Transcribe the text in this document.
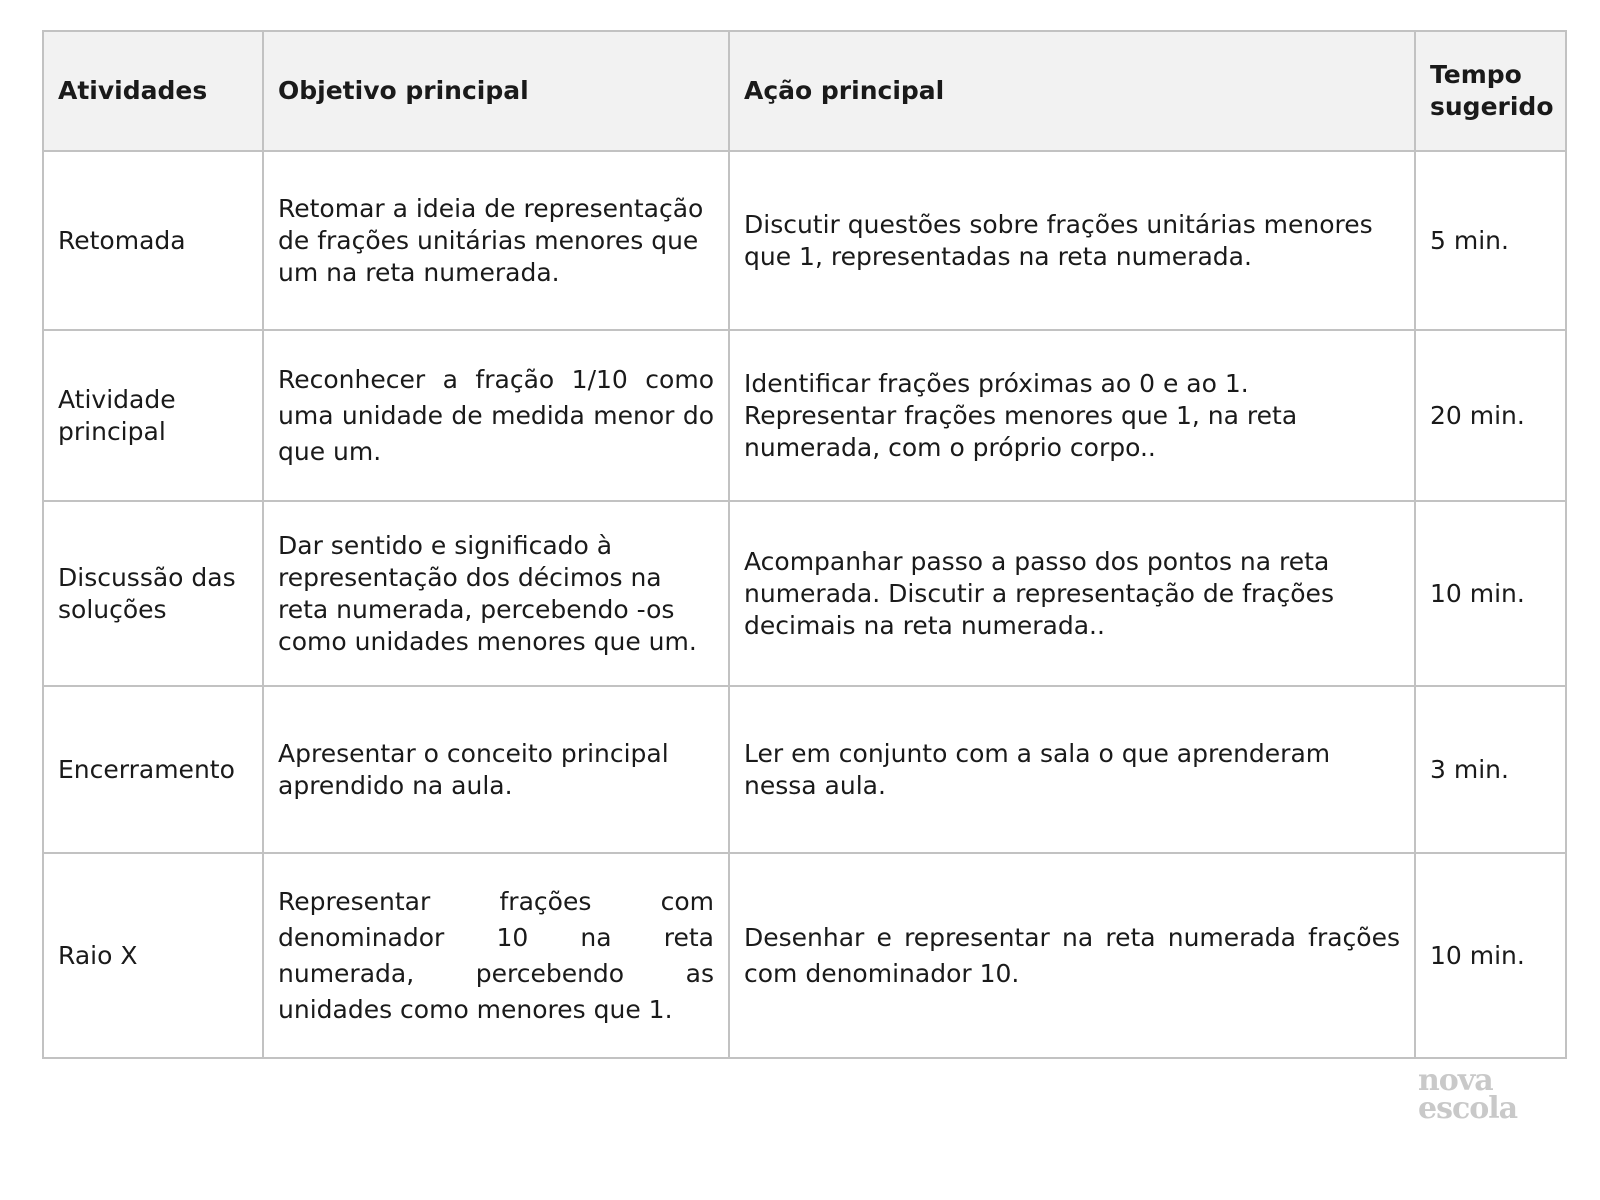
Atividades	Objetivo principal	Ação principal	Tempo sugerido
Retomada	Retomar a ideia de representação de frações unitárias menores que um na reta numerada.	Discutir questões sobre frações unitárias menores que 1, representadas na reta numerada.	5 min.
Atividade principal	Reconhecer a fração 1/10 como uma unidade de medida menor do que um.	Identificar frações próximas ao 0 e ao 1. Representar frações menores que 1, na reta numerada, com o próprio corpo..	20 min.
Discussão das soluções	Dar sentido e significado à representação dos décimos na reta numerada, percebendo -os como unidades menores que um.	Acompanhar passo a passo dos pontos na reta numerada. Discutir a representação de frações decimais na reta numerada..	10 min.
Encerramento	Apresentar o conceito principal aprendido na aula.	Ler em conjunto com a sala o que aprenderam nessa aula.	3 min.
Raio X	Representar frações com denominador 10 na reta numerada, percebendo as unidades como menores que 1.	Desenhar e representar na reta numerada frações com denominador 10.	10 min.
nova
escola
